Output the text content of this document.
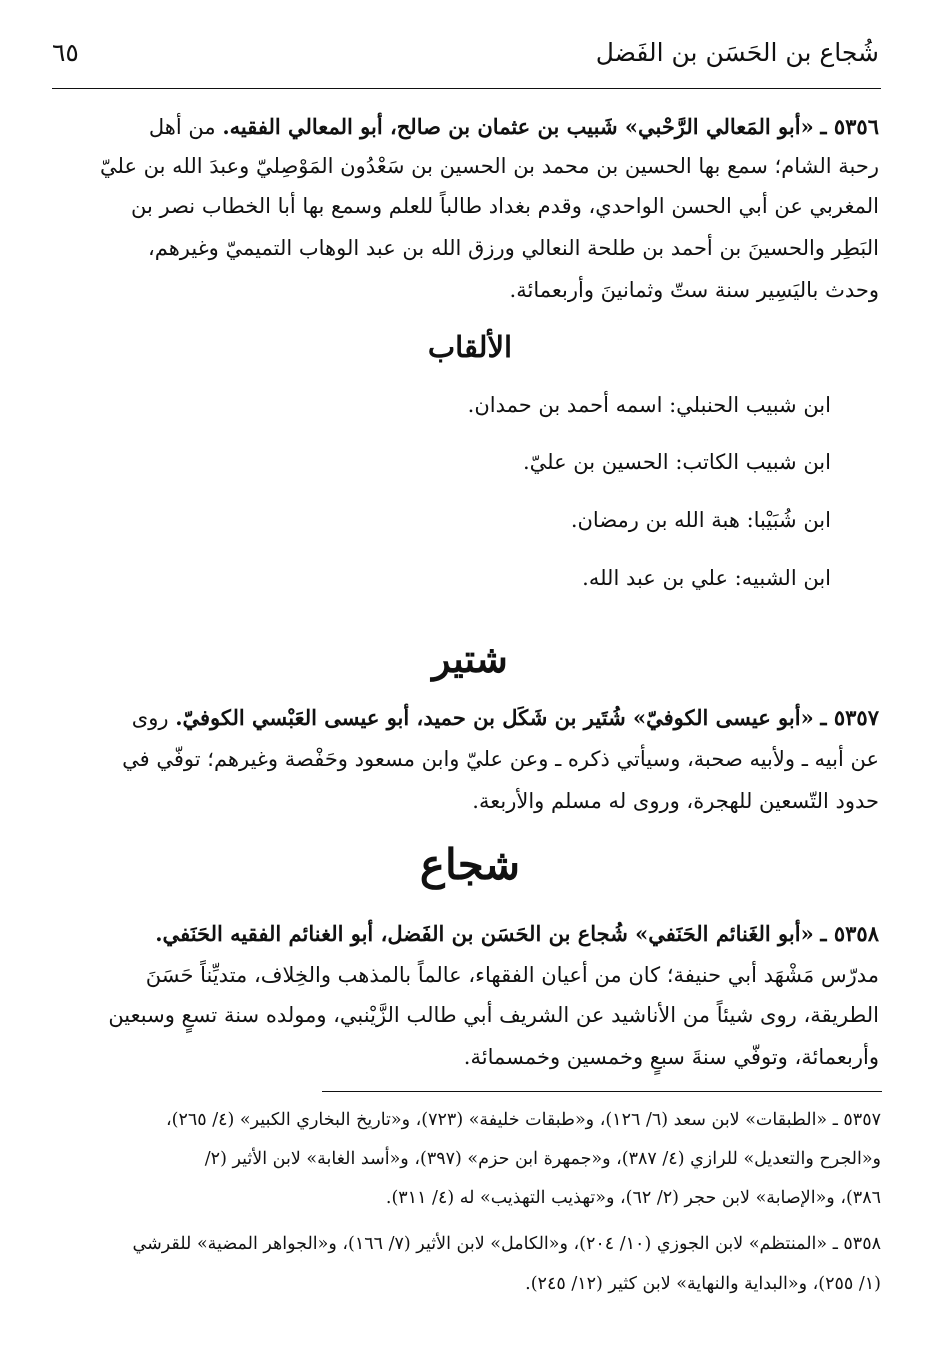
شُجاع بن الحَسَن بن الفَضل
٦٥
٥٣٥٦ ـ «أبو المَعالي الرَّحْبي» شَبيب بن عثمان بن صالح، أبو المعالي الفقيه. من أهل
رحبة الشام؛ سمع بها الحسين بن محمد بن الحسين بن سَعْدُون المَوْصِليّ وعبدَ الله بن عليّ
المغربي عن أبي الحسن الواحدي، وقدم بغداد طالباً للعلم وسمع بها أبا الخطاب نصر بن
البَطِر والحسينَ بن أحمد بن طلحة النعالي ورزق الله بن عبد الوهاب التميميّ وغيرهم،
وحدث باليَسِير سنة ستّ وثمانينَ وأربعمائة.
الألقاب
ابن شبيب الحنبلي: اسمه أحمد بن حمدان.
ابن شبيب الكاتب: الحسين بن عليّ.
ابن شُبَيْبا: هبة الله بن رمضان.
ابن الشبيه: علي بن عبد الله.
شتير
٥٣٥٧ ـ «أبو عيسى الكوفيّ» شُتَير بن شَكَل بن حميد، أبو عيسى العَبْسي الكوفيّ. روى
عن أبيه ـ ولأبيه صحبة، وسيأتي ذكره ـ وعن عليّ وابن مسعود وحَفْصة وغيرهم؛ توفّي في
حدود التّسعين للهجرة، وروى له مسلم والأربعة.
شجاع
٥٣٥٨ ـ «أبو الغَنائم الحَنَفي» شُجاع بن الحَسَن بن الفَضل، أبو الغنائم الفقيه الحَنَفي.
مدرّس مَشْهَد أبي حنيفة؛ كان من أعيان الفقهاء، عالماً بالمذهب والخِلاف، متديِّناً حَسَنَ
الطريقة، روى شيئاً من الأناشيد عن الشريف أبي طالب الزَّيْنبي، ومولده سنة تسعٍ وسبعين
وأربعمائة، وتوفّي سنةَ سبعٍ وخمسين وخمسمائة.
٥٣٥٧ ـ «الطبقات» لابن سعد (٦/ ١٢٦)، و«طبقات خليفة» (٧٢٣)، و«تاريخ البخاري الكبير» (٤/ ٢٦٥)،
و«الجرح والتعديل» للرازي (٤/ ٣٨٧)، و«جمهرة ابن حزم» (٣٩٧)، و«أسد الغابة» لابن الأثير (٢/
٣٨٦)، و«الإصابة» لابن حجر (٢/ ٦٢)، و«تهذيب التهذيب» له (٤/ ٣١١).
٥٣٥٨ ـ «المنتظم» لابن الجوزي (١٠/ ٢٠٤)، و«الكامل» لابن الأثير (٧/ ١٦٦)، و«الجواهر المضية» للقرشي
(١/ ٢٥٥)، و«البداية والنهاية» لابن كثير (١٢/ ٢٤٥).
